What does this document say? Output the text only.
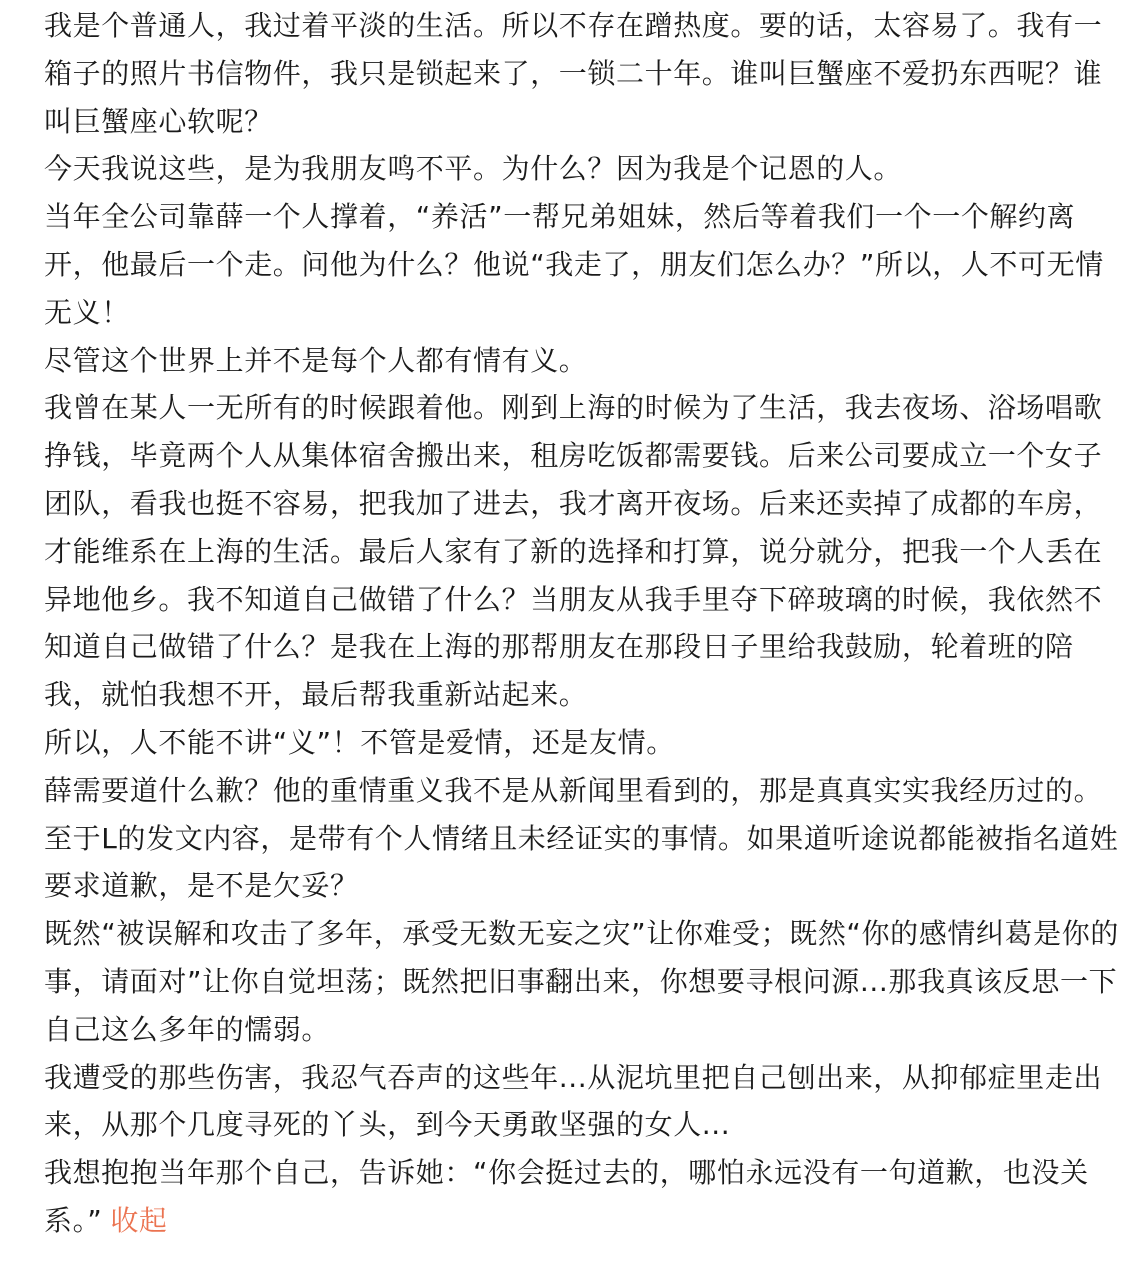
我是个普通人，我过着平淡的生活。所以不存在蹭热度。要的话，太容易了。我有一箱子的照片书信物件，我只是锁起来了，一锁二十年。谁叫巨蟹座不爱扔东西呢？谁叫巨蟹座心软呢？

今天我说这些，是为我朋友鸣不平。为什么？因为我是个记恩的人。

当年全公司靠薛一个人撑着，“养活”一帮兄弟姐妹，然后等着我们一个一个解约离开，他最后一个走。问他为什么？他说“我走了，朋友们怎么办？”所以，人不可无情无义！

尽管这个世界上并不是每个人都有情有义。

我曾在某人一无所有的时候跟着他。刚到上海的时候为了生活，我去夜场、浴场唱歌挣钱，毕竟两个人从集体宿舍搬出来，租房吃饭都需要钱。后来公司要成立一个女子团队，看我也挺不容易，把我加了进去，我才离开夜场。后来还卖掉了成都的车房，才能维系在上海的生活。最后人家有了新的选择和打算，说分就分，把我一个人丢在异地他乡。我不知道自己做错了什么？当朋友从我手里夺下碎玻璃的时候，我依然不知道自己做错了什么？是我在上海的那帮朋友在那段日子里给我鼓励，轮着班的陪我，就怕我想不开，最后帮我重新站起来。

所以，人不能不讲“义”！不管是爱情，还是友情。

薛需要道什么歉？他的重情重义我不是从新闻里看到的，那是真真实实我经历过的。至于L的发文内容，是带有个人情绪且未经证实的事情。如果道听途说都能被指名道姓要求道歉，是不是欠妥？

既然“被误解和攻击了多年，承受无数无妄之灾”让你难受；既然“你的感情纠葛是你的事，请面对”让你自觉坦荡；既然把旧事翻出来，你想要寻根问源...那我真该反思一下自己这么多年的懦弱。

我遭受的那些伤害，我忍气吞声的这些年...从泥坑里把自己刨出来，从抑郁症里走出来，从那个几度寻死的丫头，到今天勇敢坚强的女人...

我想抱抱当年那个自己，告诉她：“你会挺过去的，哪怕永远没有一句道歉，也没关系。” 收起
